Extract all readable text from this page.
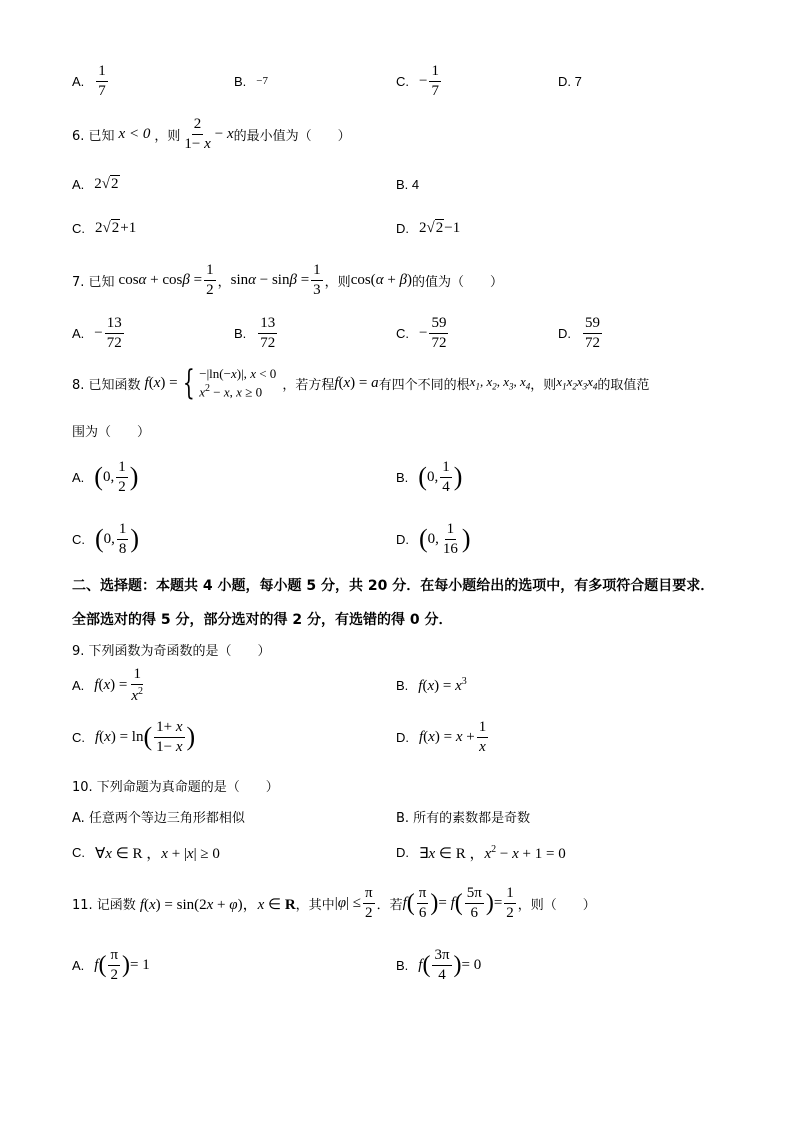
A. $\frac{1}{7}$	B. −7	C. − $\frac{1}{7}$	D. 7
6. 已知 x < 0 ，则 $\frac{2}{1- x} - x$ 的最小值为（　　）
A. 2√2	B. 4
C. 2√2+1	D. 2√2−1
7. 已知 $\cos\alpha + \cos\beta = \frac{1}{2}$ ， $\sin\alpha - \sin\beta = \frac{1}{3}$ ，则 cos(α + β) 的值为（　　）
A. − $\frac{13}{72}$	B. $\frac{13}{72}$	C. − $\frac{59}{72}$	D. $\frac{59}{72}$
8. 已知函数 f(x) = { −|ln(−x)|, x < 0
$x^2 - x$, x ≥ 0	，若方程 f(x) = a 有四个不同的根 $x_1$, $x_2$, $x_3$, $x_4$ ，则 $x_1x_2x_3x_4$ 的取值范
围为（　　）
A. ( 0, $\frac{1}{2}$ )	B. ( 0, $\frac{1}{4}$ )
C. ( 0, $\frac{1}{8}$ )	D. ( 0, $\frac{1}{16}$ )
二、选择题：本题共 4 小题，每小题 5 分，共 20 分．在每小题给出的选项中，有多项符合题目要求．全部选对的得 5 分，部分选对的得 2 分，有选错的得 0 分．
9. 下列函数为奇函数的是（　　）
A. $f(x) = \frac{1}{x^2}$	B. $f(x) = x^3$
C. f(x) = ln ( $\frac{1+ x}{1- x}$ )	D. $f(x) = x + \frac{1}{x}$
10. 下列命题为真命题的是（　　）
A. 任意两个等边三角形都相似	B. 所有的素数都是奇数
C. ∀x ∈ R ，x + |x| ≥ 0	D. ∃x ∈ R ，$x^2 - x + 1 = 0$
11. 记函数 f(x) = sin(2x + φ)，x ∈ R ，其中 $|\varphi| \le \frac{\pi}{2}$ ．若 f ( $\frac{\pi}{6}$ ) = f ( $\frac{5\pi}{6}$ ) = $\frac{1}{2}$ ，则（　　）
A. f ( $\frac{\pi}{2}$ ) = 1	B. f ( $\frac{3\pi}{4}$ ) = 0
